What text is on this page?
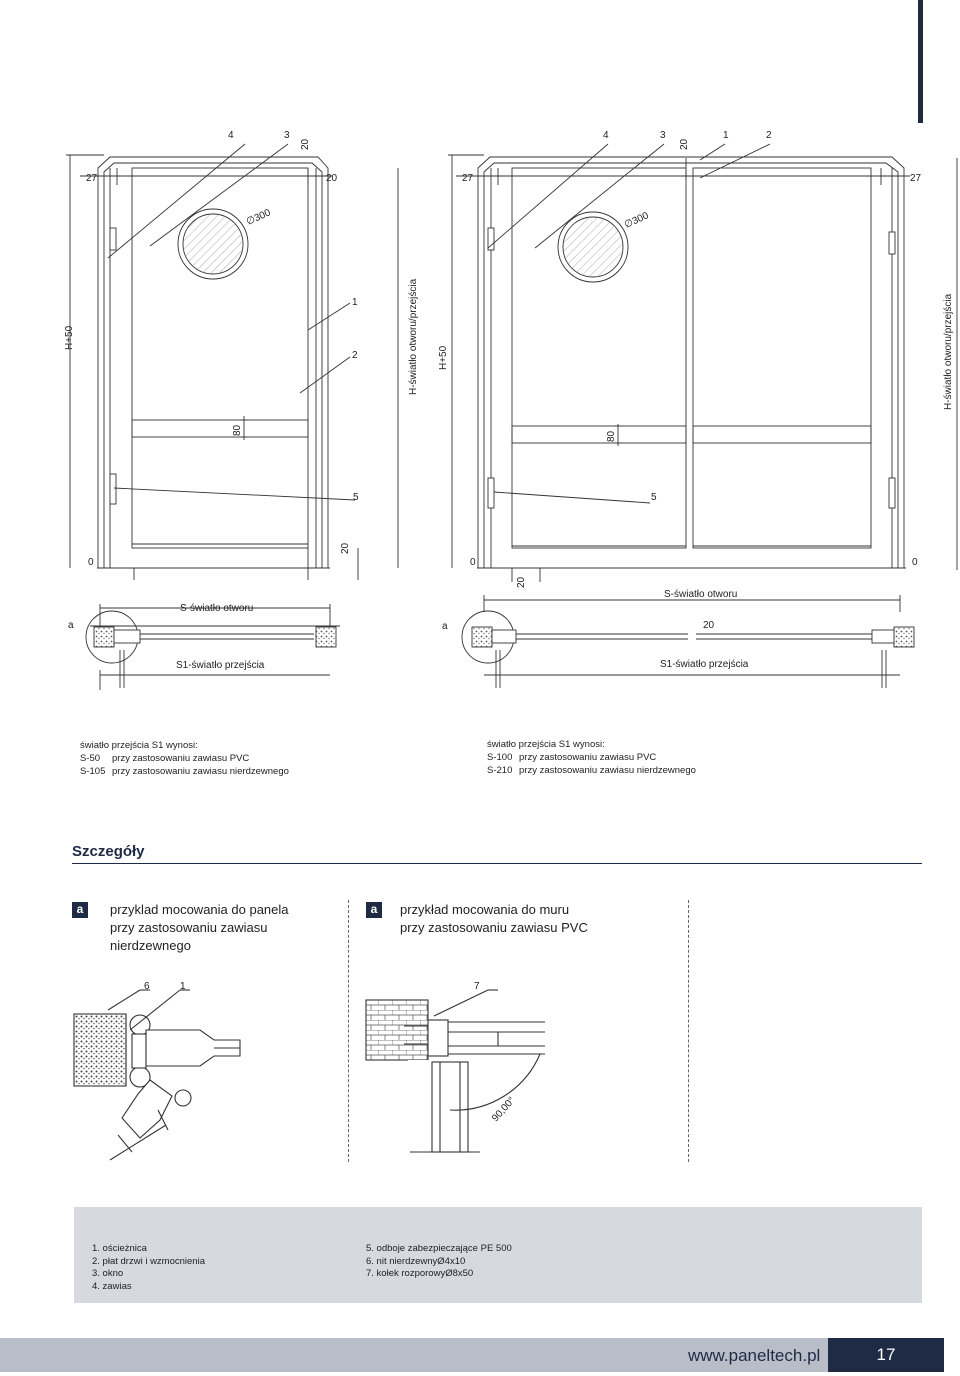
4	3
20
27	20
∅300
1
2
H+50	H-światło otworu/przejścia
80
5
0
20
a
S-światło otworu
S1-światło przejścia
4	3
20
1	2
27	27
∅300
H+50	H-światło otworu/przejścia
80
5
0	0
20
20
a
S-światło otworu
S1-światło przejścia
światło przejścia S1 wynosi:
S-50 przy zastosowaniu zawiasu PVC
S-105 przy zastosowaniu zawiasu nierdzewnego
światło przejścia S1 wynosi:
S-100 przy zastosowaniu zawiasu PVC
S-210 przy zastosowaniu zawiasu nierdzewnego
Szczegóły
a	przyklad mocowania do panela
przy zastosowaniu zawiasu
nierdzewnego
a	przykład mocowania do muru
przy zastosowaniu zawiasu PVC
6	1	7
90,00°
1. ościeżnica
2. płat drzwi i wzmocnienia
3. okno
4. zawias
5. odboje zabezpieczające PE 500
6. nit nierdzewnyØ4x10
7. kołek rozporowyØ8x50
www.paneltech.pl	17
